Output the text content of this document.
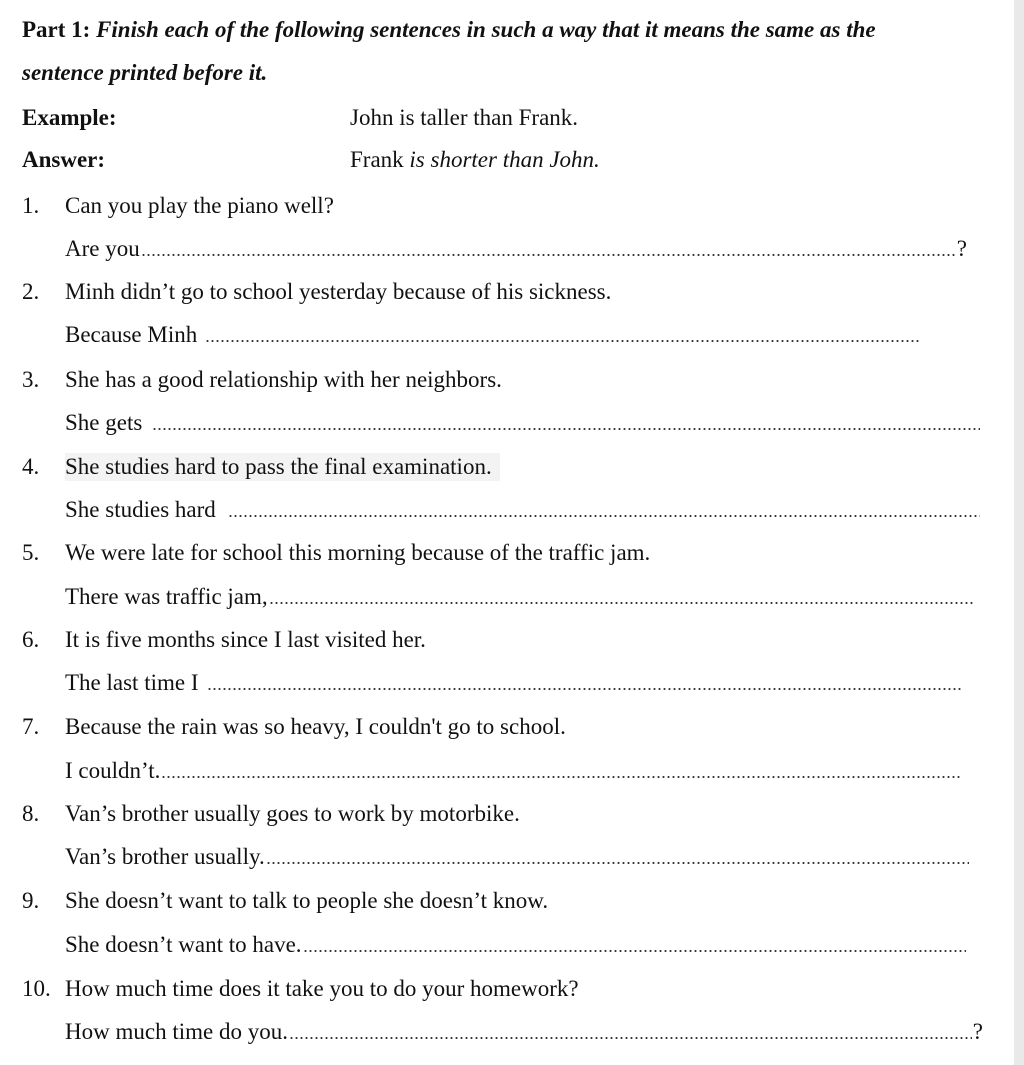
Part 1: Finish each of the following sentences in such a way that it means the same as the
sentence printed before it.
Example:	John is taller than Frank.
Answer:	Frank is shorter than John.
1.	Can you play the piano well?
Are you	?
2.	Minh didn’t go to school yesterday because of his sickness.
Because Minh
3.	She has a good relationship with her neighbors.
She gets
4.	She studies hard to pass the final examination.
She studies hard
5.	We were late for school this morning because of the traffic jam.
There was traffic jam,
6.	It is five months since I last visited her.
The last time I
7.	Because the rain was so heavy, I couldn't go to school.
I couldn’t.
8.	Van’s brother usually goes to work by motorbike.
Van’s brother usually.
9.	She doesn’t want to talk to people she doesn’t know.
She doesn’t want to have.
10. How much time does it take you to do your homework?
How much time do you.	?
